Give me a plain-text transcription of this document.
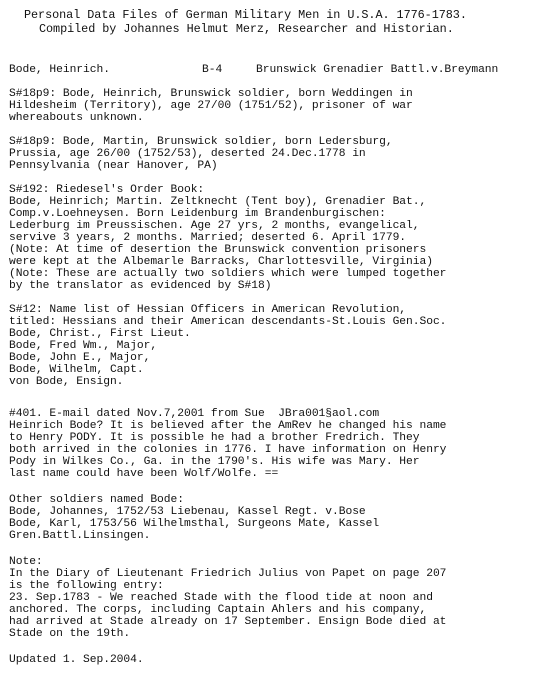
Personal Data Files of German Military Men in U.S.A. 1776-1783.
Compiled by Johannes Helmut Merz, Researcher and Historian.
Bode, Heinrich.	B-4	Brunswick Grenadier Battl.v.Breymann
S#18p9: Bode, Heinrich, Brunswick soldier, born Weddingen in
Hildesheim (Territory), age 27/00 (1751/52), prisoner of war
whereabouts unknown.
S#18p9: Bode, Martin, Brunswick soldier, born Ledersburg,
Prussia, age 26/00 (1752/53), deserted 24.Dec.1778 in
Pennsylvania (near Hanover, PA)
S#192: Riedesel's Order Book:
Bode, Heinrich; Martin. Zeltknecht (Tent boy), Grenadier Bat.,
Comp.v.Loehneysen. Born Leidenburg im Brandenburgischen:
Lederburg im Preussischen. Age 27 yrs, 2 months, evangelical,
servive 3 years, 2 months. Married; deserted 6. April 1779.
(Note: At time of desertion the Brunswick convention prisoners
were kept at the Albemarle Barracks, Charlottesville, Virginia)
(Note: These are actually two soldiers which were lumped together
by the translator as evidenced by S#18)
S#12: Name list of Hessian Officers in American Revolution,
titled: Hessians and their American descendants-St.Louis Gen.Soc.
Bode, Christ., First Lieut.
Bode, Fred Wm., Major,
Bode, John E., Major,
Bode, Wilhelm, Capt.
von Bode, Ensign.
#401. E-mail dated Nov.7,2001 from Sue  JBra001§aol.com
Heinrich Bode? It is believed after the AmRev he changed his name
to Henry PODY. It is possible he had a brother Fredrich. They
both arrived in the colonies in 1776. I have information on Henry
Pody in Wilkes Co., Ga. in the 1790's. His wife was Mary. Her
last name could have been Wolf/Wolfe. ==
Other soldiers named Bode:
Bode, Johannes, 1752/53 Liebenau, Kassel Regt. v.Bose
Bode, Karl, 1753/56 Wilhelmsthal, Surgeons Mate, Kassel
Gren.Battl.Linsingen.
Note:
In the Diary of Lieutenant Friedrich Julius von Papet on page 207
is the following entry:
23. Sep.1783 - We reached Stade with the flood tide at noon and
anchored. The corps, including Captain Ahlers and his company,
had arrived at Stade already on 17 September. Ensign Bode died at
Stade on the 19th.
Updated 1. Sep.2004.
